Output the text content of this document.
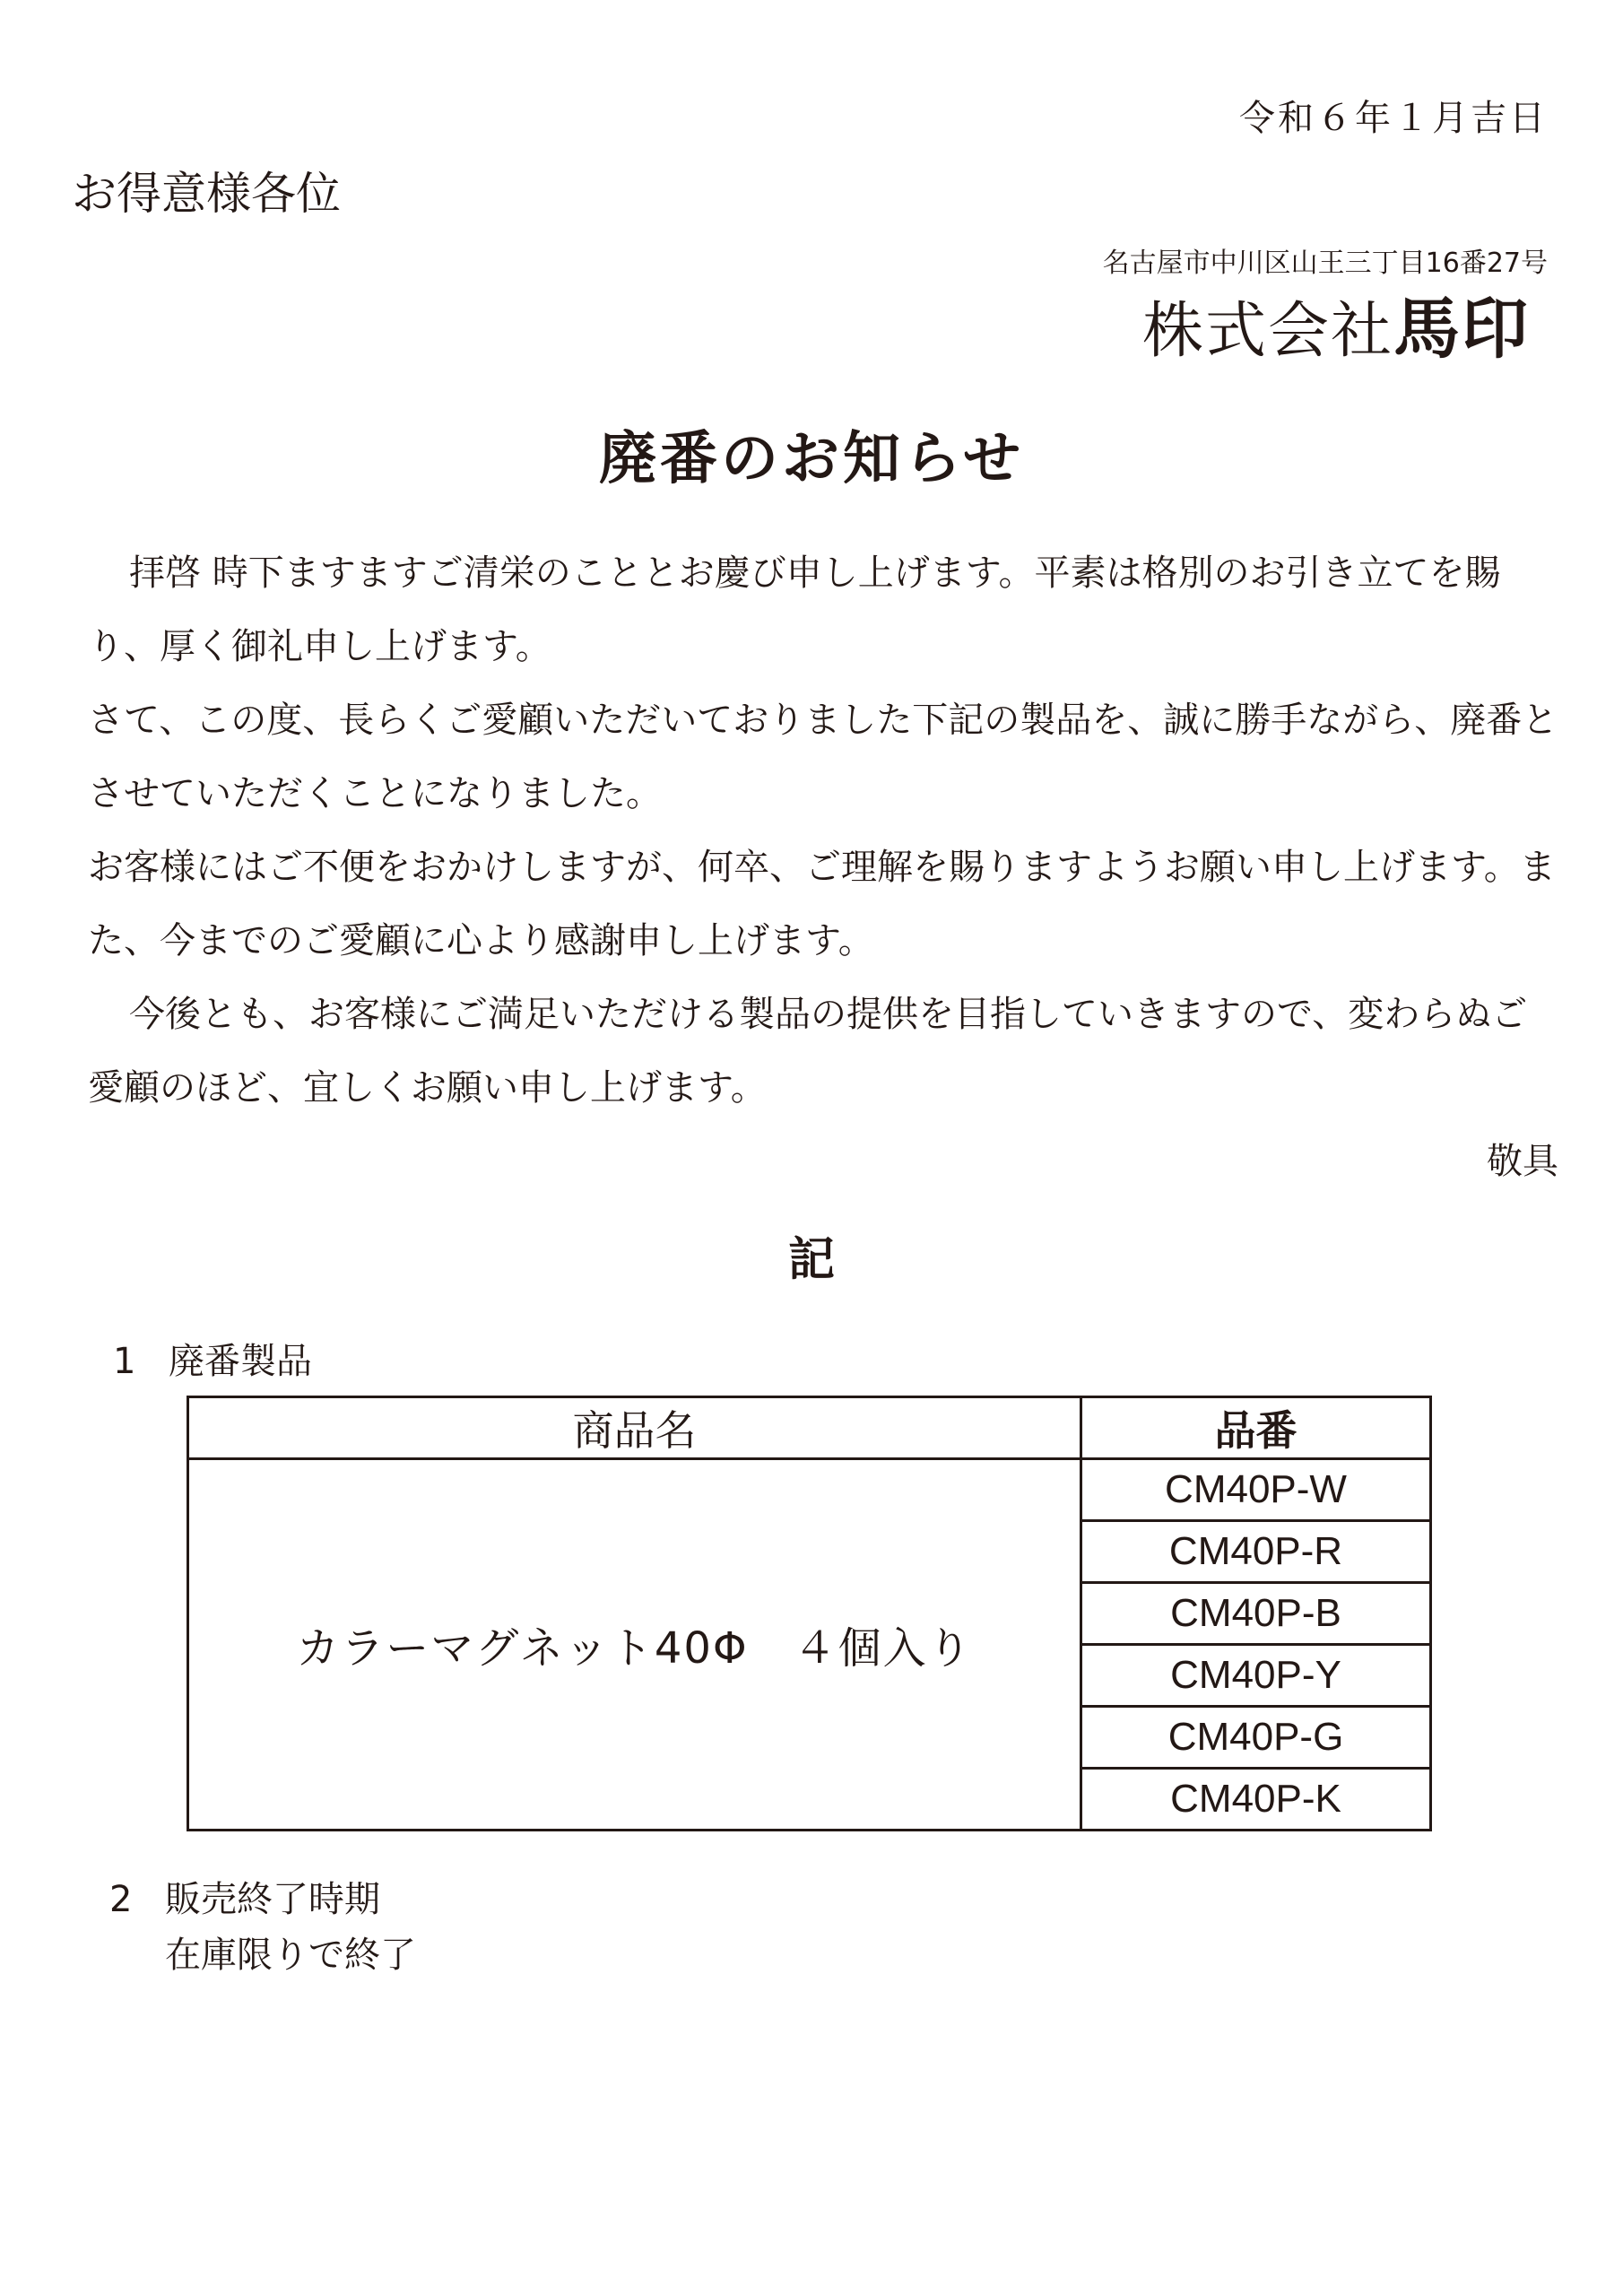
令和６年１月吉日
お得意様各位
名古屋市中川区山王三丁目16番27号
株式会社馬印
廃番のお知らせ

拝啓 時下ますますご清栄のこととお慶び申し上げます。平素は格別のお引き立てを賜り、厚く御礼申し上げます。

さて、この度、長らくご愛顧いただいておりました下記の製品を、誠に勝手ながら、廃番とさせていただくことになりました。

お客様にはご不便をおかけしますが、何卒、ご理解を賜りますようお願い申し上げます。また、今までのご愛顧に心より感謝申し上げます。

今後とも、お客様にご満足いただける製品の提供を目指していきますので、変わらぬご愛顧のほど、宜しくお願い申し上げます。

敬具

記
1 廃番製品
商品名	品番
カラーマグネット40Φ　４個入り	CM40P-W
	CM40P-R
	CM40P-B
	CM40P-Y
	CM40P-G
	CM40P-K
2 販売終了時期
在庫限りで終了
